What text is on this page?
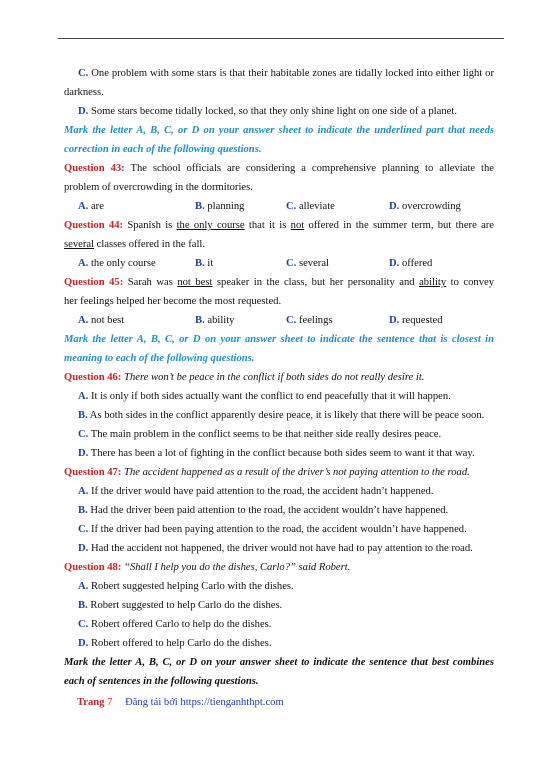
C. One problem with some stars is that their habitable zones are tidally locked into either light or
darkness.
D. Some stars become tidally locked, so that they only shine light on one side of a planet.
Mark the letter A, B, C, or D on your answer sheet to indicate the underlined part that needs
correction in each of the following questions.
Question 43: The school officials are considering a comprehensive planning to alleviate the
problem of overcrowding in the dormitories.
A. are	B. planning	C. alleviate	D. overcrowding
Question 44: Spanish is the only course that it is not offered in the summer term, but there are
several classes offered in the fall.
A. the only course	B. it	C. several	D. offered
Question 45: Sarah was not best speaker in the class, but her personality and ability to convey
her feelings helped her become the most requested.
A. not best	B. ability	C. feelings	D. requested
Mark the letter A, B, C, or D on your answer sheet to indicate the sentence that is closest in
meaning to each of the following questions.
Question 46: There won’t be peace in the conflict if both sides do not really desire it.
A. It is only if both sides actually want the conflict to end peacefully that it will happen.
B. As both sides in the conflict apparently desire peace, it is likely that there will be peace soon.
C. The main problem in the conflict seems to be that neither side really desires peace.
D. There has been a lot of fighting in the conflict because both sides seem to want it that way.
Question 47: The accident happened as a result of the driver’s not paying attention to the road.
A. If the driver would have paid attention to the road, the accident hadn’t happened.
B. Had the driver been paid attention to the road, the accident wouldn’t have happened.
C. If the driver had been paying attention to the road, the accident wouldn’t have happened.
D. Had the accident not happened, the driver would not have had to pay attention to the road.
Question 48: “Shall I help you do the dishes, Carlo?” said Robert.
A. Robert suggested helping Carlo with the dishes.
B. Robert suggested to help Carlo do the dishes.
C. Robert offered Carlo to help do the dishes.
D. Robert offered to help Carlo do the dishes.
Mark the letter A, B, C, or D on your answer sheet to indicate the sentence that best combines
each of sentences in the following questions.
Trang 7 Đăng tải bởi https://tienganhthpt.com
